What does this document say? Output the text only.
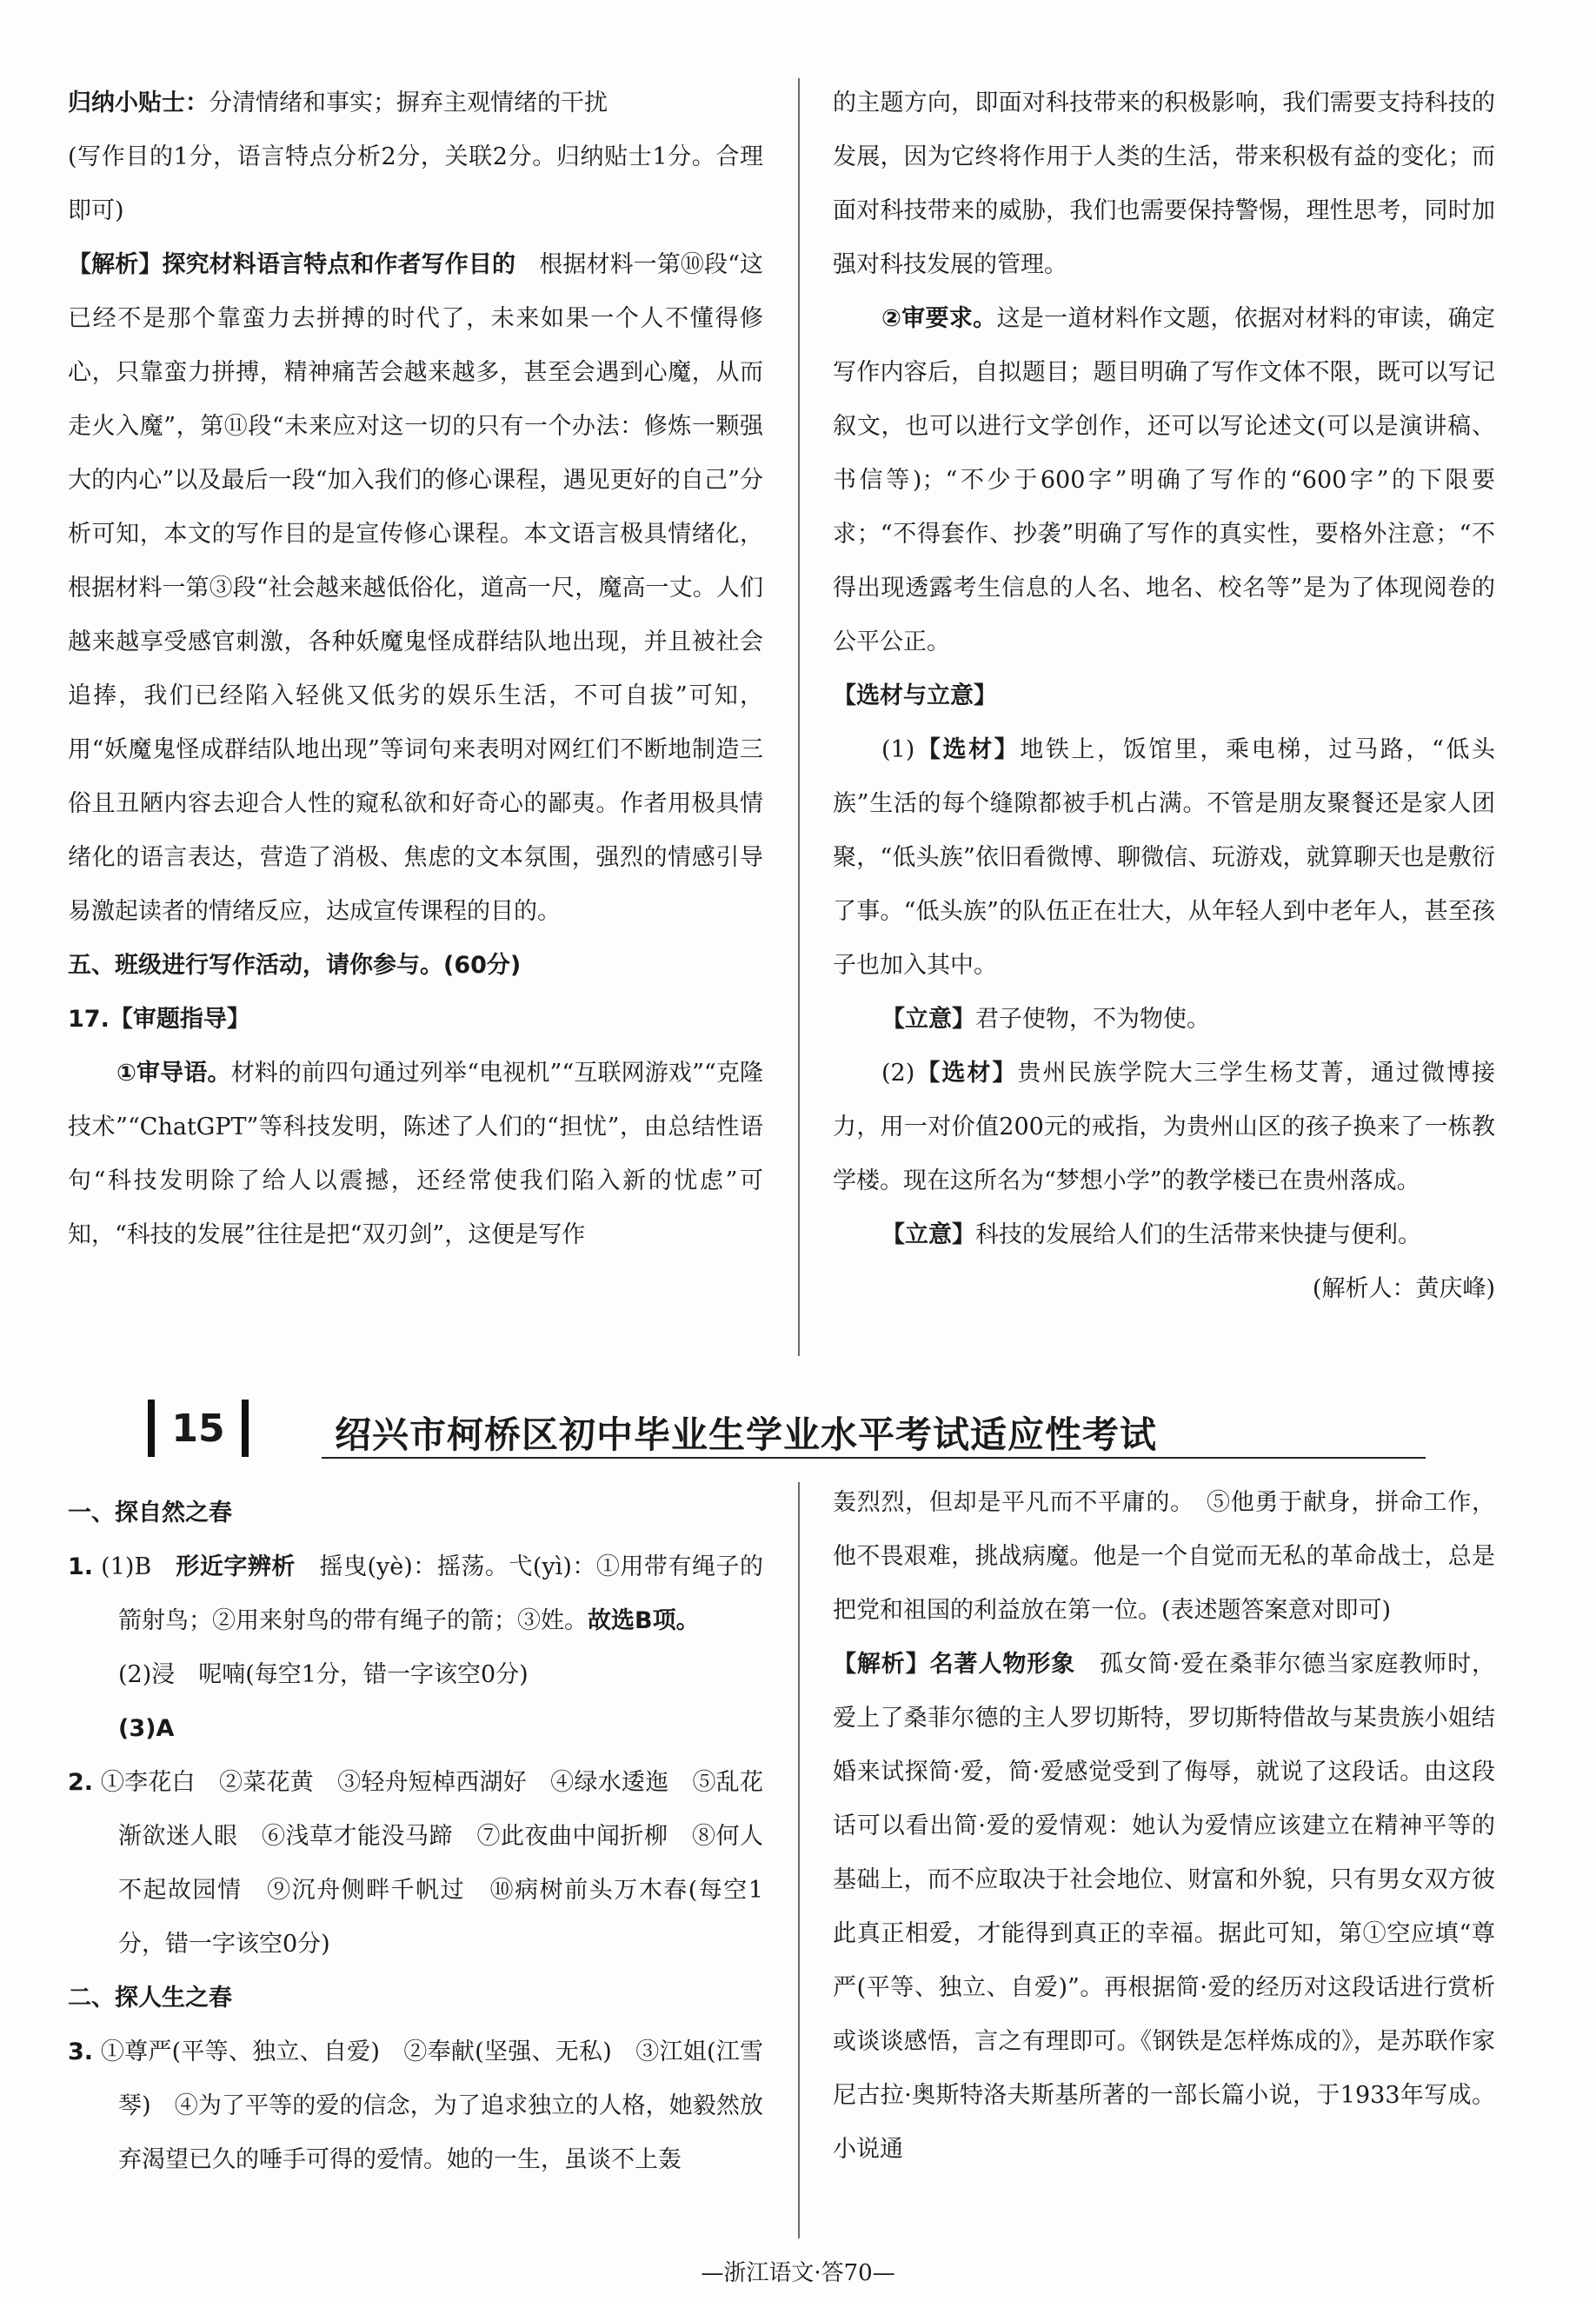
归纳小贴士：分清情绪和事实；摒弃主观情绪的干扰

(写作目的1分，语言特点分析2分，关联2分。归纳贴士1分。合理即可)

【解析】探究材料语言特点和作者写作目的　 根据材料一第⑩段“这已经不是那个靠蛮力去拼搏的时代了，未来如果一个人不懂得修心，只靠蛮力拼搏，精神痛苦会越来越多，甚至会遇到心魔，从而走火入魔”，第⑪段“未来应对这一切的只有一个办法：修炼一颗强大的内心”以及最后一段“加入我们的修心课程，遇见更好的自己”分析可知，本文的写作目的是宣传修心课程。本文语言极具情绪化，根据材料一第③段“社会越来越低俗化，道高一尺，魔高一丈。人们越来越享受感官刺激，各种妖魔鬼怪成群结队地出现，并且被社会追捧，我们已经陷入轻佻又低劣的娱乐生活，不可自拔”可知，用“妖魔鬼怪成群结队地出现”等词句来表明对网红们不断地制造三俗且丑陋内容去迎合人性的窥私欲和好奇心的鄙夷。作者用极具情绪化的语言表达，营造了消极、焦虑的文本氛围，强烈的情感引导易激起读者的情绪反应，达成宣传课程的目的。

五、班级进行写作活动，请你参与。(60分)

17.【审题指导】

①审导语。材料的前四句通过列举“电视机”“互联网游戏”“克隆技术”“ChatGPT”等科技发明，陈述了人们的“担忧”，由总结性语句“科技发明除了给人以震撼，还经常使我们陷入新的忧虑”可知，“科技的发展”往往是把“双刃剑”，这便是写作

的主题方向，即面对科技带来的积极影响，我们需要支持科技的发展，因为它终将作用于人类的生活，带来积极有益的变化；而面对科技带来的威胁，我们也需要保持警惕，理性思考，同时加强对科技发展的管理。

②审要求。这是一道材料作文题，依据对材料的审读，确定写作内容后，自拟题目；题目明确了写作文体不限，既可以写记叙文，也可以进行文学创作，还可以写论述文(可以是演讲稿、书信等)；“不少于600字”明确了写作的“600字”的下限要求；“不得套作、抄袭”明确了写作的真实性，要格外注意；“不得出现透露考生信息的人名、地名、校名等”是为了体现阅卷的公平公正。

【选材与立意】

(1)【选材】地铁上，饭馆里，乘电梯，过马路，“低头族”生活的每个缝隙都被手机占满。不管是朋友聚餐还是家人团聚，“低头族”依旧看微博、聊微信、玩游戏，就算聊天也是敷衍了事。“低头族”的队伍正在壮大，从年轻人到中老年人，甚至孩子也加入其中。

【立意】君子使物，不为物使。

(2)【选材】贵州民族学院大三学生杨艾菁，通过微博接力，用一对价值200元的戒指，为贵州山区的孩子换来了一栋教学楼。现在这所名为“梦想小学”的教学楼已在贵州落成。

【立意】科技的发展给人们的生活带来快捷与便利。

(解析人：黄庆峰)

15	绍兴市柯桥区初中毕业生学业水平考试适应性考试

一、探自然之春

1. (1)B　 形近字辨析　 摇曳(yè)：摇荡。弋(yì)：①用带有绳子的箭射鸟；②用来射鸟的带有绳子的箭；③姓。故选B项。

(2)浸　呢喃(每空1分，错一字该空0分)

(3)A

2. ①李花白　②菜花黄　③轻舟短棹西湖好　④绿水逶迤　⑤乱花渐欲迷人眼　⑥浅草才能没马蹄　⑦此夜曲中闻折柳　⑧何人不起故园情　⑨沉舟侧畔千帆过　⑩病树前头万木春(每空1分，错一字该空0分)

二、探人生之春

3. ①尊严(平等、独立、自爱)　②奉献(坚强、无私)　③江姐(江雪琴)　④为了平等的爱的信念，为了追求独立的人格，她毅然放弃渴望已久的唾手可得的爱情。她的一生，虽谈不上轰

轰烈烈，但却是平凡而不平庸的。　⑤他勇于献身，拼命工作，他不畏艰难，挑战病魔。他是一个自觉而无私的革命战士，总是把党和祖国的利益放在第一位。(表述题答案意对即可)

【解析】名著人物形象　 孤女简·爱在桑菲尔德当家庭教师时，爱上了桑菲尔德的主人罗切斯特，罗切斯特借故与某贵族小姐结婚来试探简·爱，简·爱感觉受到了侮辱，就说了这段话。由这段话可以看出简·爱的爱情观：她认为爱情应该建立在精神平等的基础上，而不应取决于社会地位、财富和外貌，只有男女双方彼此真正相爱，才能得到真正的幸福。据此可知，第①空应填“尊严(平等、独立、自爱)”。再根据简·爱的经历对这段话进行赏析或谈谈感悟，言之有理即可。《钢铁是怎样炼成的》，是苏联作家尼古拉·奥斯特洛夫斯基所著的一部长篇小说，于1933年写成。小说通

—浙江语文·答70—
